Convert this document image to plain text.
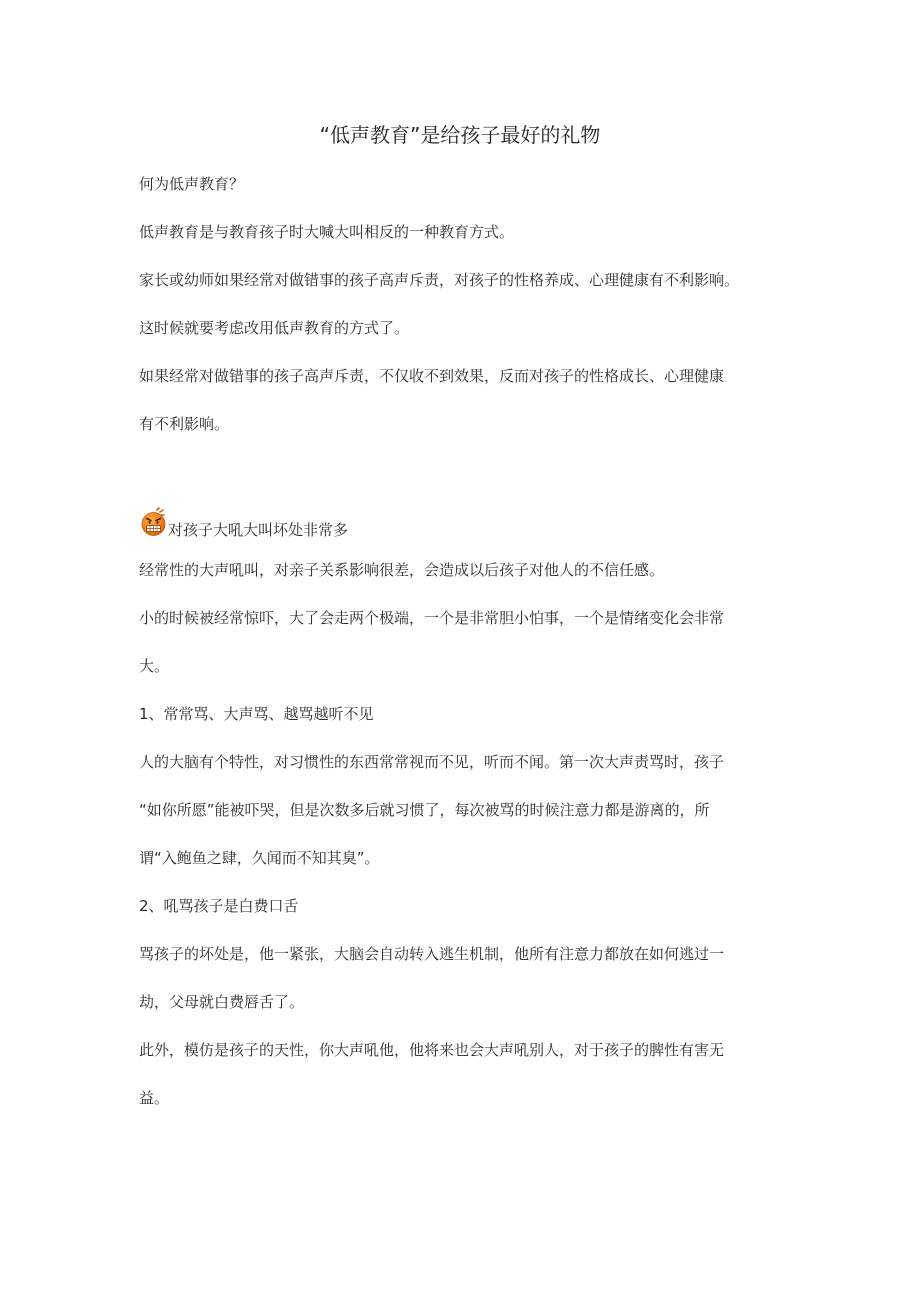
“低声教育”是给孩子最好的礼物
何为低声教育？
低声教育是与教育孩子时大喊大叫相反的一种教育方式。
家长或幼师如果经常对做错事的孩子高声斥责，对孩子的性格养成、心理健康有不利影响。
这时候就要考虑改用低声教育的方式了。
如果经常对做错事的孩子高声斥责，不仅收不到效果，反而对孩子的性格成长、心理健康
有不利影响。
对孩子大吼大叫坏处非常多
经常性的大声吼叫，对亲子关系影响很差，会造成以后孩子对他人的不信任感。
小的时候被经常惊吓，大了会走两个极端，一个是非常胆小怕事，一个是情绪变化会非常
大。
1、常常骂、大声骂、越骂越听不见
人的大脑有个特性，对习惯性的东西常常视而不见，听而不闻。第一次大声责骂时，孩子
“如你所愿”能被吓哭，但是次数多后就习惯了，每次被骂的时候注意力都是游离的，所
谓“入鲍鱼之肆，久闻而不知其臭”。
2、吼骂孩子是白费口舌
骂孩子的坏处是，他一紧张，大脑会自动转入逃生机制，他所有注意力都放在如何逃过一
劫，父母就白费唇舌了。
此外，模仿是孩子的天性，你大声吼他，他将来也会大声吼别人，对于孩子的脾性有害无
益。
